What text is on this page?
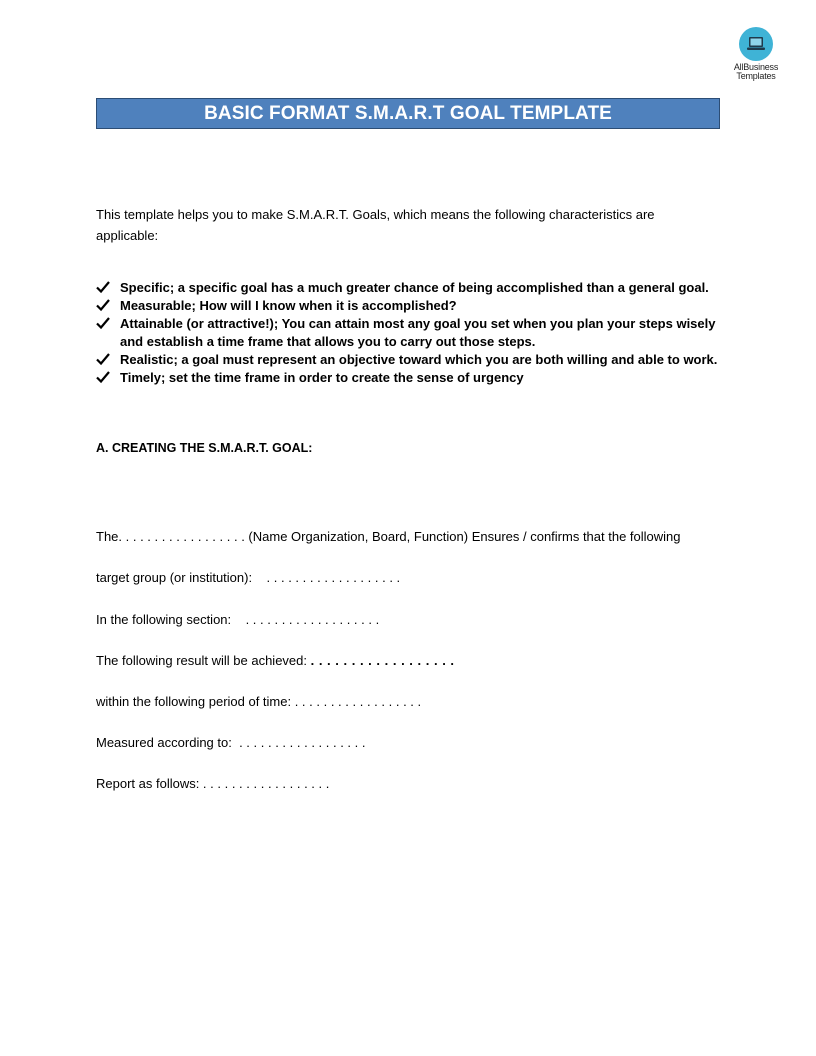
AllBusiness
Templates
BASIC FORMAT S.M.A.R.T GOAL TEMPLATE

This template helps you to make S.M.A.R.T. Goals, which means the following characteristics are applicable:

Specific; a specific goal has a much greater chance of being accomplished than a general goal.
Measurable; How will I know when it is accomplished?
Attainable (or attractive!); You can attain most any goal you set when you plan your steps wisely and establish a time frame that allows you to carry out those steps.
Realistic; a goal must represent an objective toward which you are both willing and able to work.
Timely; set the time frame in order to create the sense of urgency

A. CREATING THE S.M.A.R.T. GOAL:

The. . . . . . . . . . . . . . . . . . (Name Organization, Board, Function) Ensures / confirms that the following

target group (or institution):    . . . . . . . . . . . . . . . . . . .

In the following section:    . . . . . . . . . . . . . . . . . . .

The following result will be achieved: . . . . . . . . . . . . . . . . . .

within the following period of time: . . . . . . . . . . . . . . . . . .

Measured according to:  . . . . . . . . . . . . . . . . . .

Report as follows: . . . . . . . . . . . . . . . . . .
